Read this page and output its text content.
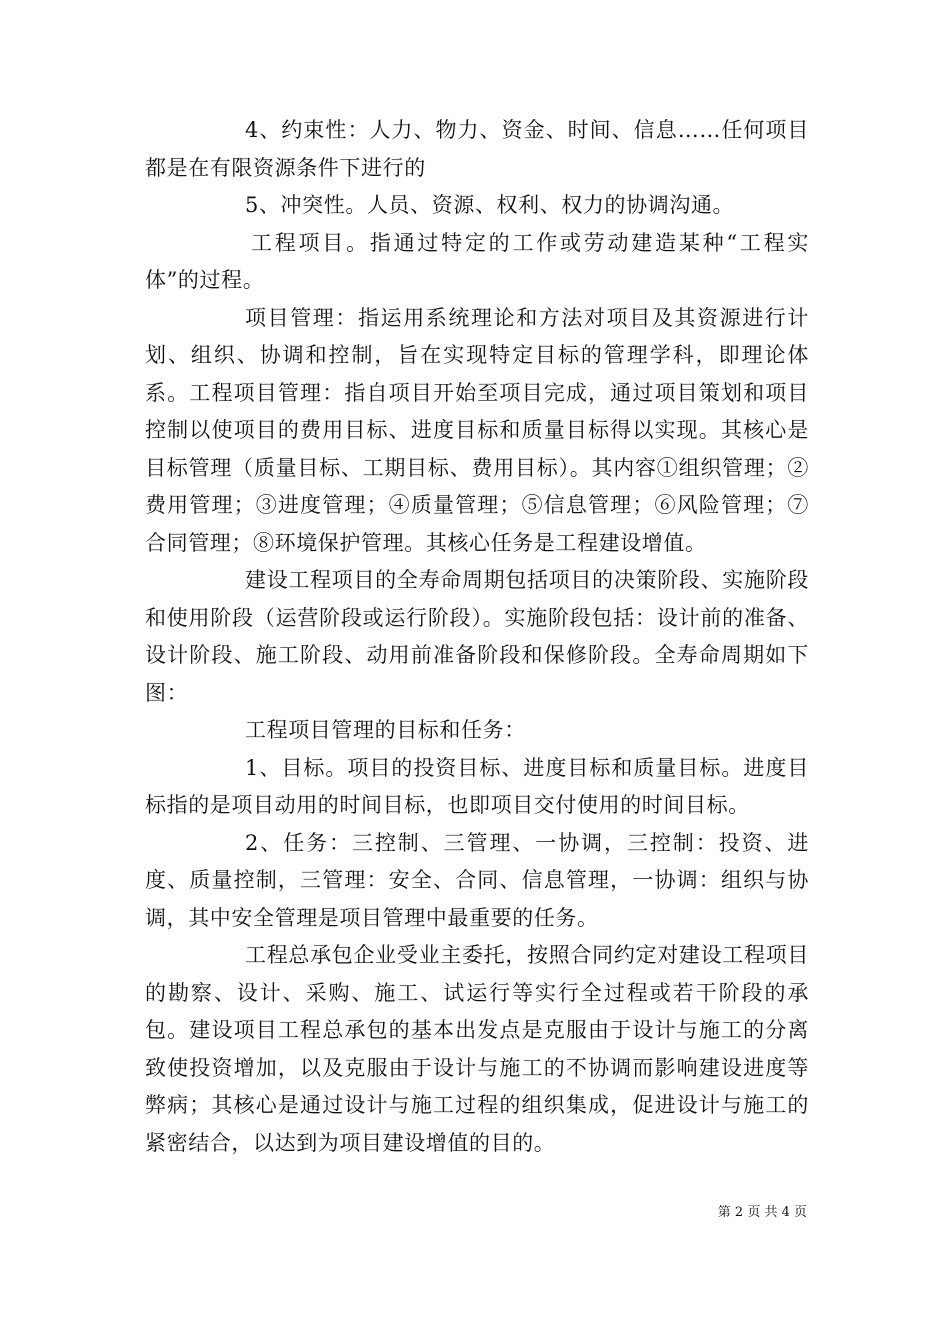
4、约束性：人力、物力、资金、时间、信息……任何项目都是在有限资源条件下进行的

5、冲突性。人员、资源、权利、权力的协调沟通。

工程项目。指通过特定的工作或劳动建造某种“工程实体”的过程。

项目管理：指运用系统理论和方法对项目及其资源进行计划、组织、协调和控制，旨在实现特定目标的管理学科，即理论体系。工程项目管理：指自项目开始至项目完成，通过项目策划和项目控制以使项目的费用目标、进度目标和质量目标得以实现。其核心是目标管理（质量目标、工期目标、费用目标）。其内容①组织管理；②费用管理；③进度管理；④质量管理；⑤信息管理；⑥风险管理；⑦合同管理；⑧环境保护管理。其核心任务是工程建设增值。

建设工程项目的全寿命周期包括项目的决策阶段、实施阶段和使用阶段（运营阶段或运行阶段）。实施阶段包括：设计前的准备、设计阶段、施工阶段、动用前准备阶段和保修阶段。全寿命周期如下图：

工程项目管理的目标和任务：

1、目标。项目的投资目标、进度目标和质量目标。进度目标指的是项目动用的时间目标，也即项目交付使用的时间目标。

2、任务：三控制、三管理、一协调，三控制：投资、进度、质量控制，三管理：安全、合同、信息管理，一协调：组织与协调，其中安全管理是项目管理中最重要的任务。

工程总承包企业受业主委托，按照合同约定对建设工程项目的勘察、设计、采购、施工、试运行等实行全过程或若干阶段的承包。建设项目工程总承包的基本出发点是克服由于设计与施工的分离致使投资增加，以及克服由于设计与施工的不协调而影响建设进度等弊病；其核心是通过设计与施工过程的组织集成，促进设计与施工的紧密结合，以达到为项目建设增值的目的。

第 2 页 共 4 页
